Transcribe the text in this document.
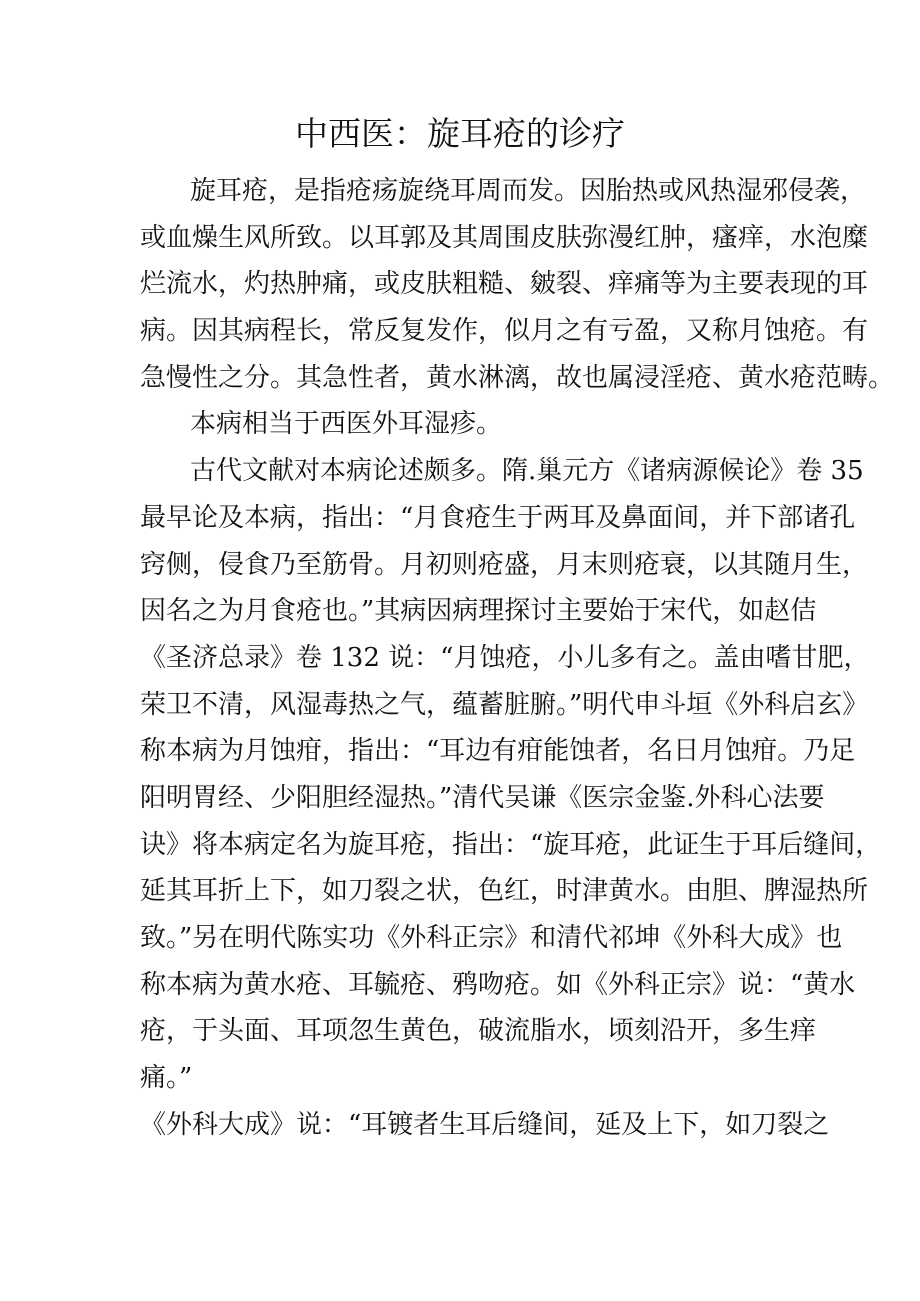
中西医：旋耳疮的诊疗
旋耳疮，是指疮疡旋绕耳周而发。因胎热或风热湿邪侵袭，
或血燥生风所致。以耳郭及其周围皮肤弥漫红肿，瘙痒，水泡糜
烂流水，灼热肿痛，或皮肤粗糙、皴裂、痒痛等为主要表现的耳
病。因其病程长，常反复发作，似月之有亏盈，又称月蚀疮。有
急慢性之分。其急性者，黄水淋漓，故也属浸淫疮、黄水疮范畴。
本病相当于西医外耳湿疹。
古代文献对本病论述颇多。隋.巢元方《诸病源候论》卷 35
最早论及本病，指出：“月食疮生于两耳及鼻面间，并下部诸孔
窍侧，侵食乃至筋骨。月初则疮盛，月末则疮衰，以其随月生，
因名之为月食疮也。”其病因病理探讨主要始于宋代，如赵佶
《圣济总录》卷 132 说：“月蚀疮，小儿多有之。盖由嗜甘肥，
荣卫不清，风湿毒热之气，蕴蓄脏腑。”明代申斗垣《外科启玄》
称本病为月蚀疳，指出：“耳边有疳能蚀者，名日月蚀疳。乃足
阳明胃经、少阳胆经湿热。”清代吴谦《医宗金鉴.外科心法要
诀》将本病定名为旋耳疮，指出：“旋耳疮，此证生于耳后缝间，
延其耳折上下，如刀裂之状，色红，时津黄水。由胆、脾湿热所
致。”另在明代陈实功《外科正宗》和清代祁坤《外科大成》也
称本病为黄水疮、耳毓疮、鸦吻疮。如《外科正宗》说：“黄水
疮，于头面、耳项忽生黄色，破流脂水，顷刻沿开，多生痒
痛。”
《外科大成》说：“耳镀者生耳后缝间，延及上下，如刀裂之
